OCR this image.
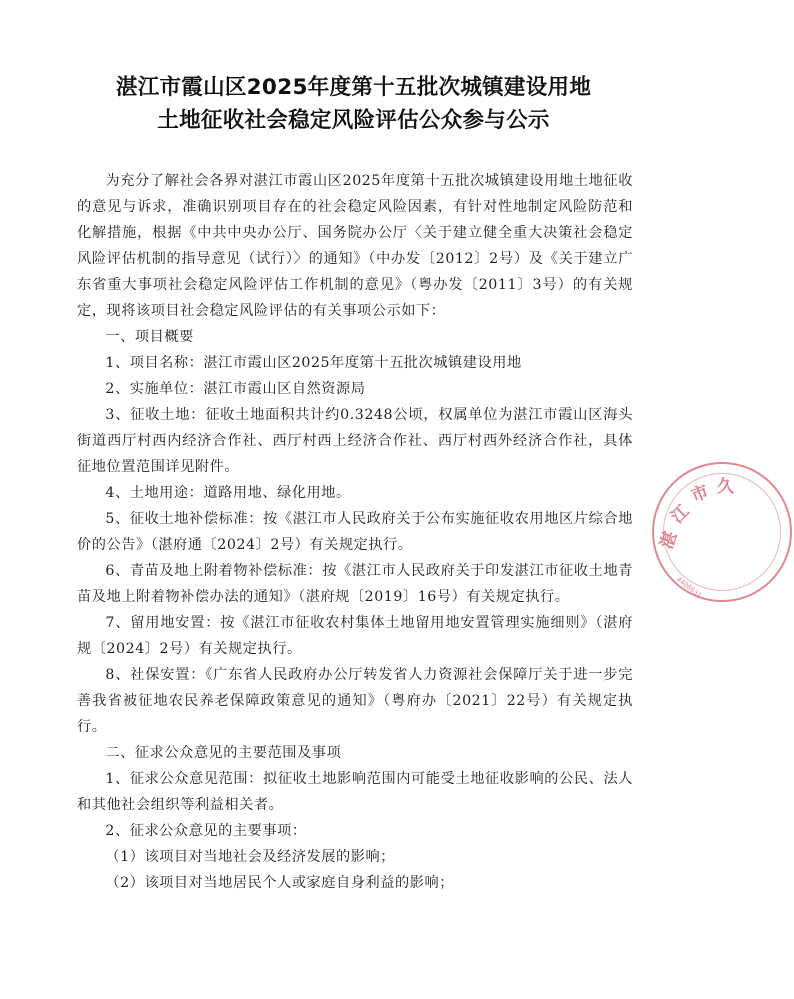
湛江市霞山区2025年度第十五批次城镇建设用地
土地征收社会稳定风险评估公众参与公示

为充分了解社会各界对湛江市霞山区2025年度第十五批次城镇建设用地土地征收的意见与诉求，准确识别项目存在的社会稳定风险因素，有针对性地制定风险防范和化解措施，根据《中共中央办公厅、国务院办公厅〈关于建立健全重大决策社会稳定风险评估机制的指导意见（试行）〉的通知》（中办发〔2012〕2号）及《关于建立广东省重大事项社会稳定风险评估工作机制的意见》（粤办发〔2011〕3号）的有关规定，现将该项目社会稳定风险评估的有关事项公示如下：

一、项目概要

1、项目名称：湛江市霞山区2025年度第十五批次城镇建设用地

2、实施单位：湛江市霞山区自然资源局

3、征收土地：征收土地面积共计约0.3248公顷，权属单位为湛江市霞山区海头街道西厅村西内经济合作社、西厅村西上经济合作社、西厅村西外经济合作社，具体征地位置范围详见附件。

4、土地用途：道路用地、绿化用地。

5、征收土地补偿标准：按《湛江市人民政府关于公布实施征收农用地区片综合地价的公告》（湛府通〔2024〕2号）有关规定执行。

6、青苗及地上附着物补偿标准：按《湛江市人民政府关于印发湛江市征收土地青苗及地上附着物补偿办法的通知》（湛府规〔2019〕16号）有关规定执行。

7、留用地安置：按《湛江市征收农村集体土地留用地安置管理实施细则》（湛府规〔2024〕2号）有关规定执行。

8、社保安置：《广东省人民政府办公厅转发省人力资源社会保障厅关于进一步完善我省被征地农民养老保障政策意见的通知》（粤府办〔2021〕22号）有关规定执行。

二、征求公众意见的主要范围及事项

1、征求公众意见范围：拟征收土地影响范围内可能受土地征收影响的公民、法人和其他社会组织等利益相关者。

2、征求公众意见的主要事项：

（1）该项目对当地社会及经济发展的影响；

（2）该项目对当地居民个人或家庭自身利益的影响；

湛
江
市 久
4408031
